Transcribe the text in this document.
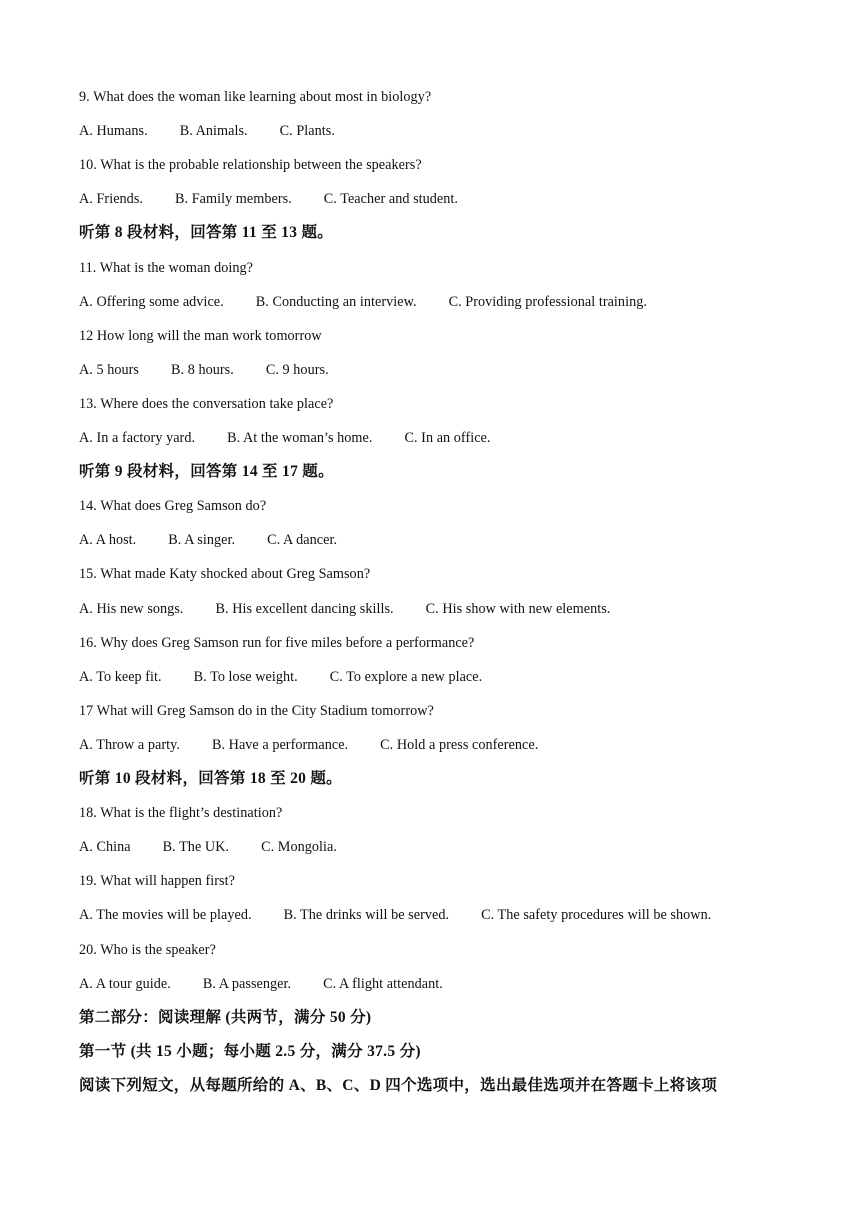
9. What does the woman like learning about most in biology?
A. Humans. B. Animals. C. Plants.
10. What is the probable relationship between the speakers?
A. Friends. B. Family members. C. Teacher and student.
听第 8 段材料，回答第 11 至 13 题。
11. What is the woman doing?
A. Offering some advice. B. Conducting an interview. C. Providing professional training.
12 How long will the man work tomorrow
A. 5 hours B. 8 hours. C. 9 hours.
13. Where does the conversation take place?
A. In a factory yard. B. At the woman’s home. C. In an office.
听第 9 段材料，回答第 14 至 17 题。
14. What does Greg Samson do?
A. A host. B. A singer. C. A dancer.
15. What made Katy shocked about Greg Samson?
A. His new songs. B. His excellent dancing skills. C. His show with new elements.
16. Why does Greg Samson run for five miles before a performance?
A. To keep fit. B. To lose weight. C. To explore a new place.
17 What will Greg Samson do in the City Stadium tomorrow?
A. Throw a party. B. Have a performance. C. Hold a press conference.
听第 10 段材料，回答第 18 至 20 题。
18. What is the flight’s destination?
A. China B. The UK. C. Mongolia.
19. What will happen first?
A. The movies will be played. B. The drinks will be served. C. The safety procedures will be shown.
20. Who is the speaker?
A. A tour guide. B. A passenger. C. A flight attendant.
第二部分：阅读理解 (共两节，满分 50 分)
第一节 (共 15 小题；每小题 2.5 分，满分 37.5 分)
阅读下列短文，从每题所给的 A、B、C、D 四个选项中，选出最佳选项并在答题卡上将该项
